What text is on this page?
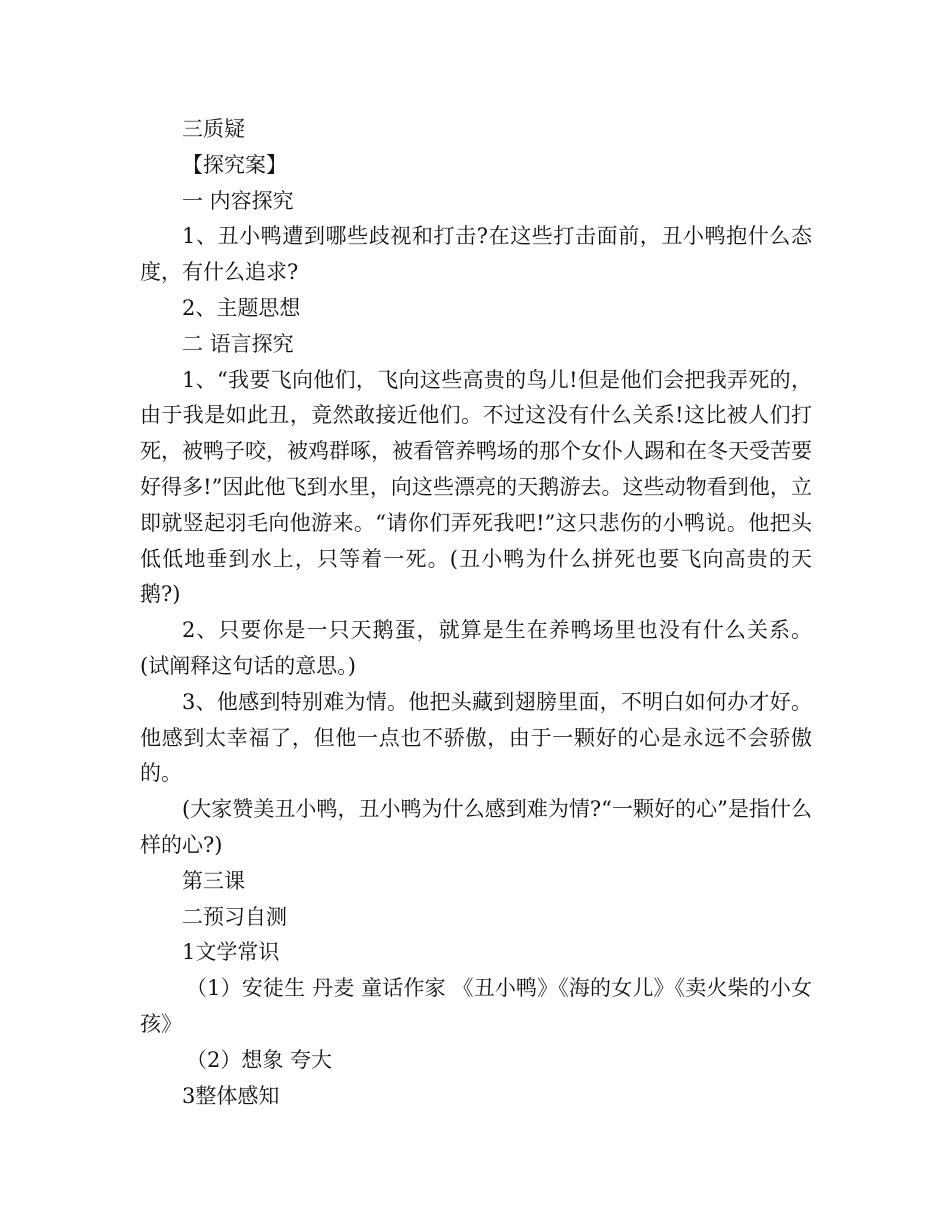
三质疑

【探究案】

一 内容探究

1、丑小鸭遭到哪些歧视和打击?在这些打击面前，丑小鸭抱什么态度，有什么追求?

2、主题思想

二 语言探究

1、“我要飞向他们，飞向这些高贵的鸟儿!但是他们会把我弄死的，由于我是如此丑，竟然敢接近他们。不过这没有什么关系!这比被人们打死，被鸭子咬，被鸡群啄，被看管养鸭场的那个女仆人踢和在冬天受苦要好得多!”因此他飞到水里，向这些漂亮的天鹅游去。这些动物看到他，立即就竖起羽毛向他游来。“请你们弄死我吧!”这只悲伤的小鸭说。他把头低低地垂到水上，只等着一死。(丑小鸭为什么拼死也要飞向高贵的天鹅?)

2、只要你是一只天鹅蛋，就算是生在养鸭场里也没有什么关系。(试阐释这句话的意思。)

3、他感到特别难为情。他把头藏到翅膀里面，不明白如何办才好。他感到太幸福了，但他一点也不骄傲，由于一颗好的心是永远不会骄傲的。

(大家赞美丑小鸭，丑小鸭为什么感到难为情?“一颗好的心”是指什么样的心?)

第三课

二预习自测

1文学常识

（1）安徒生 丹麦 童话作家 《丑小鸭》《海的女儿》《卖火柴的小女孩》

（2）想象 夸大

3整体感知
